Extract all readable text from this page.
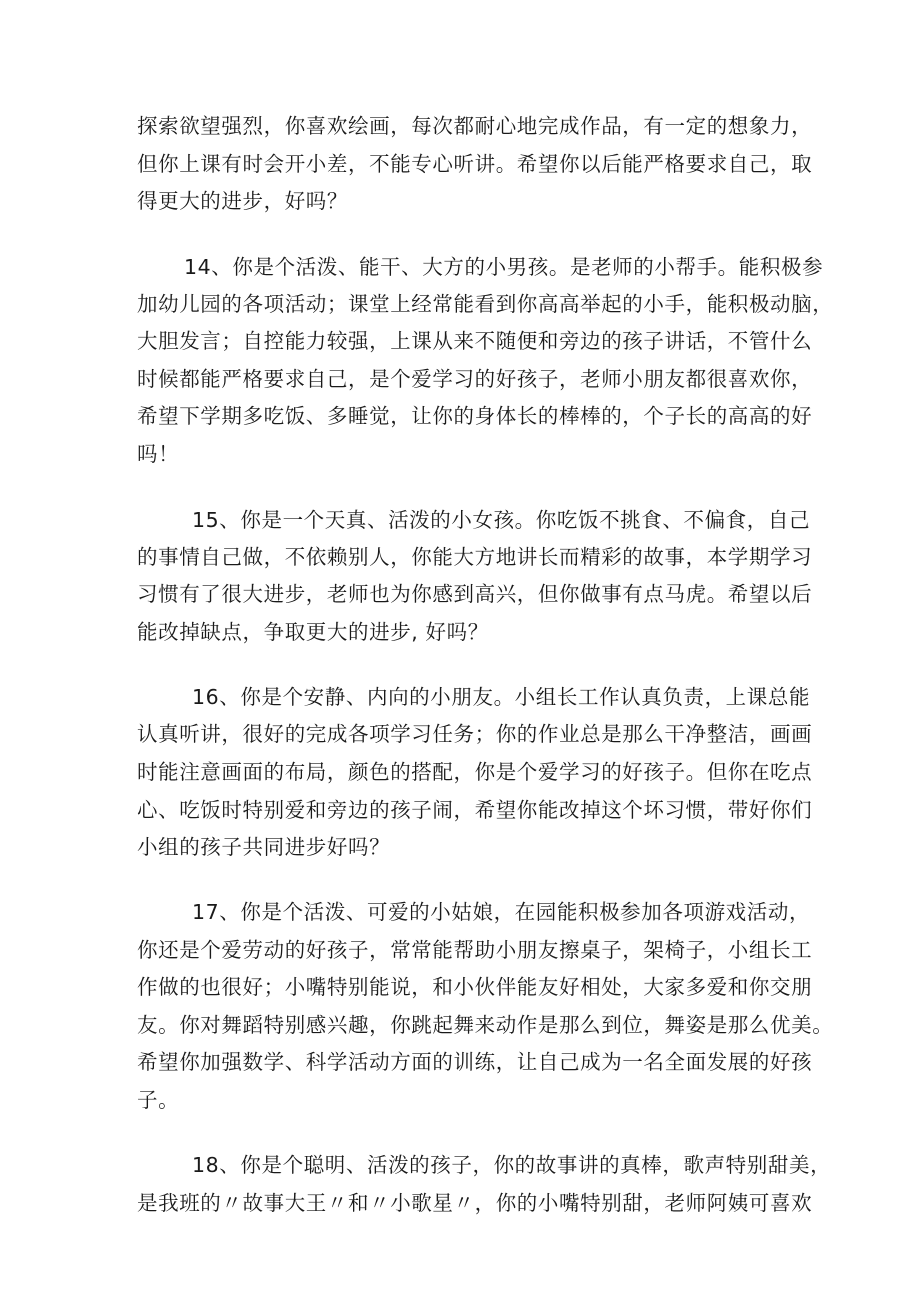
探索欲望强烈，你喜欢绘画，每次都耐心地完成作品，有一定的想象力，
但你上课有时会开小差，不能专心听讲。希望你以后能严格要求自己，取
得更大的进步，好吗？
14、你是个活泼、能干、大方的小男孩。是老师的小帮手。能积极参
加幼儿园的各项活动；课堂上经常能看到你高高举起的小手，能积极动脑，
大胆发言；自控能力较强，上课从来不随便和旁边的孩子讲话，不管什么
时候都能严格要求自己，是个爱学习的好孩子，老师小朋友都很喜欢你，
希望下学期多吃饭、多睡觉，让你的身体长的棒棒的，个子长的高高的好
吗！
15、你是一个天真、活泼的小女孩。你吃饭不挑食、不偏食，自己
的事情自己做，不依赖别人，你能大方地讲长而精彩的故事，本学期学习
习惯有了很大进步，老师也为你感到高兴，但你做事有点马虎。希望以后
能改掉缺点，争取更大的进步, 好吗？
16、你是个安静、内向的小朋友。小组长工作认真负责，上课总能
认真听讲，很好的完成各项学习任务；你的作业总是那么干净整洁，画画
时能注意画面的布局，颜色的搭配，你是个爱学习的好孩子。但你在吃点
心、吃饭时特别爱和旁边的孩子闹，希望你能改掉这个坏习惯，带好你们
小组的孩子共同进步好吗？
17、你是个活泼、可爱的小姑娘，在园能积极参加各项游戏活动，
你还是个爱劳动的好孩子，常常能帮助小朋友擦桌子，架椅子，小组长工
作做的也很好；小嘴特别能说，和小伙伴能友好相处，大家多爱和你交朋
友。你对舞蹈特别感兴趣，你跳起舞来动作是那么到位，舞姿是那么优美。
希望你加强数学、科学活动方面的训练，让自己成为一名全面发展的好孩
子。
18、你是个聪明、活泼的孩子，你的故事讲的真棒，歌声特别甜美，
是我班的〃故事大王〃和〃小歌星〃，你的小嘴特别甜，老师阿姨可喜欢
